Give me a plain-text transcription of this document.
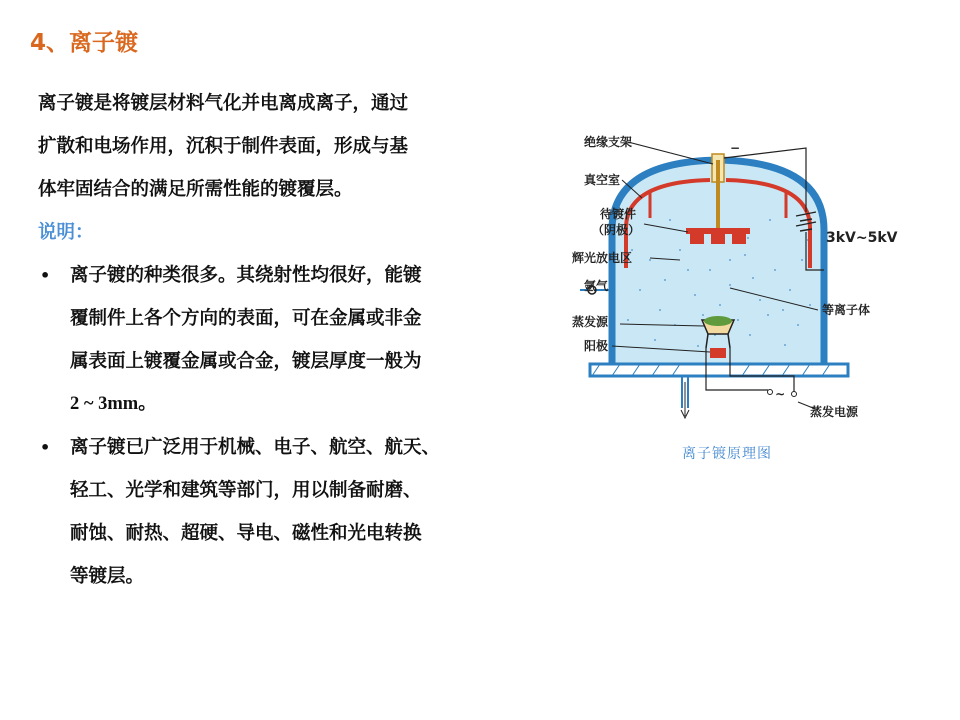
4、离子镀
离子镀是将镀层材料气化并电离成离子，通过
扩散和电场作用，沉积于制件表面，形成与基
体牢固结合的满足所需性能的镀覆层。
说明：
• 离子镀的种类很多。其绕射性均很好，能镀
覆制件上各个方向的表面，可在金属或非金
属表面上镀覆金属或合金，镀层厚度一般为
2 ~ 3mm。
• 离子镀已广泛用于机械、电子、航空、航天、
轻工、光学和建筑等部门，用以制备耐磨、
耐蚀、耐热、超硬、导电、磁性和光电转换
等镀层。
绝缘支架
真空室
待镀件
（阴极）
辉光放电区
氩气
蒸发源
阳极
−
3kV~5kV
等离子体
∼
蒸发电源
离子镀原理图
